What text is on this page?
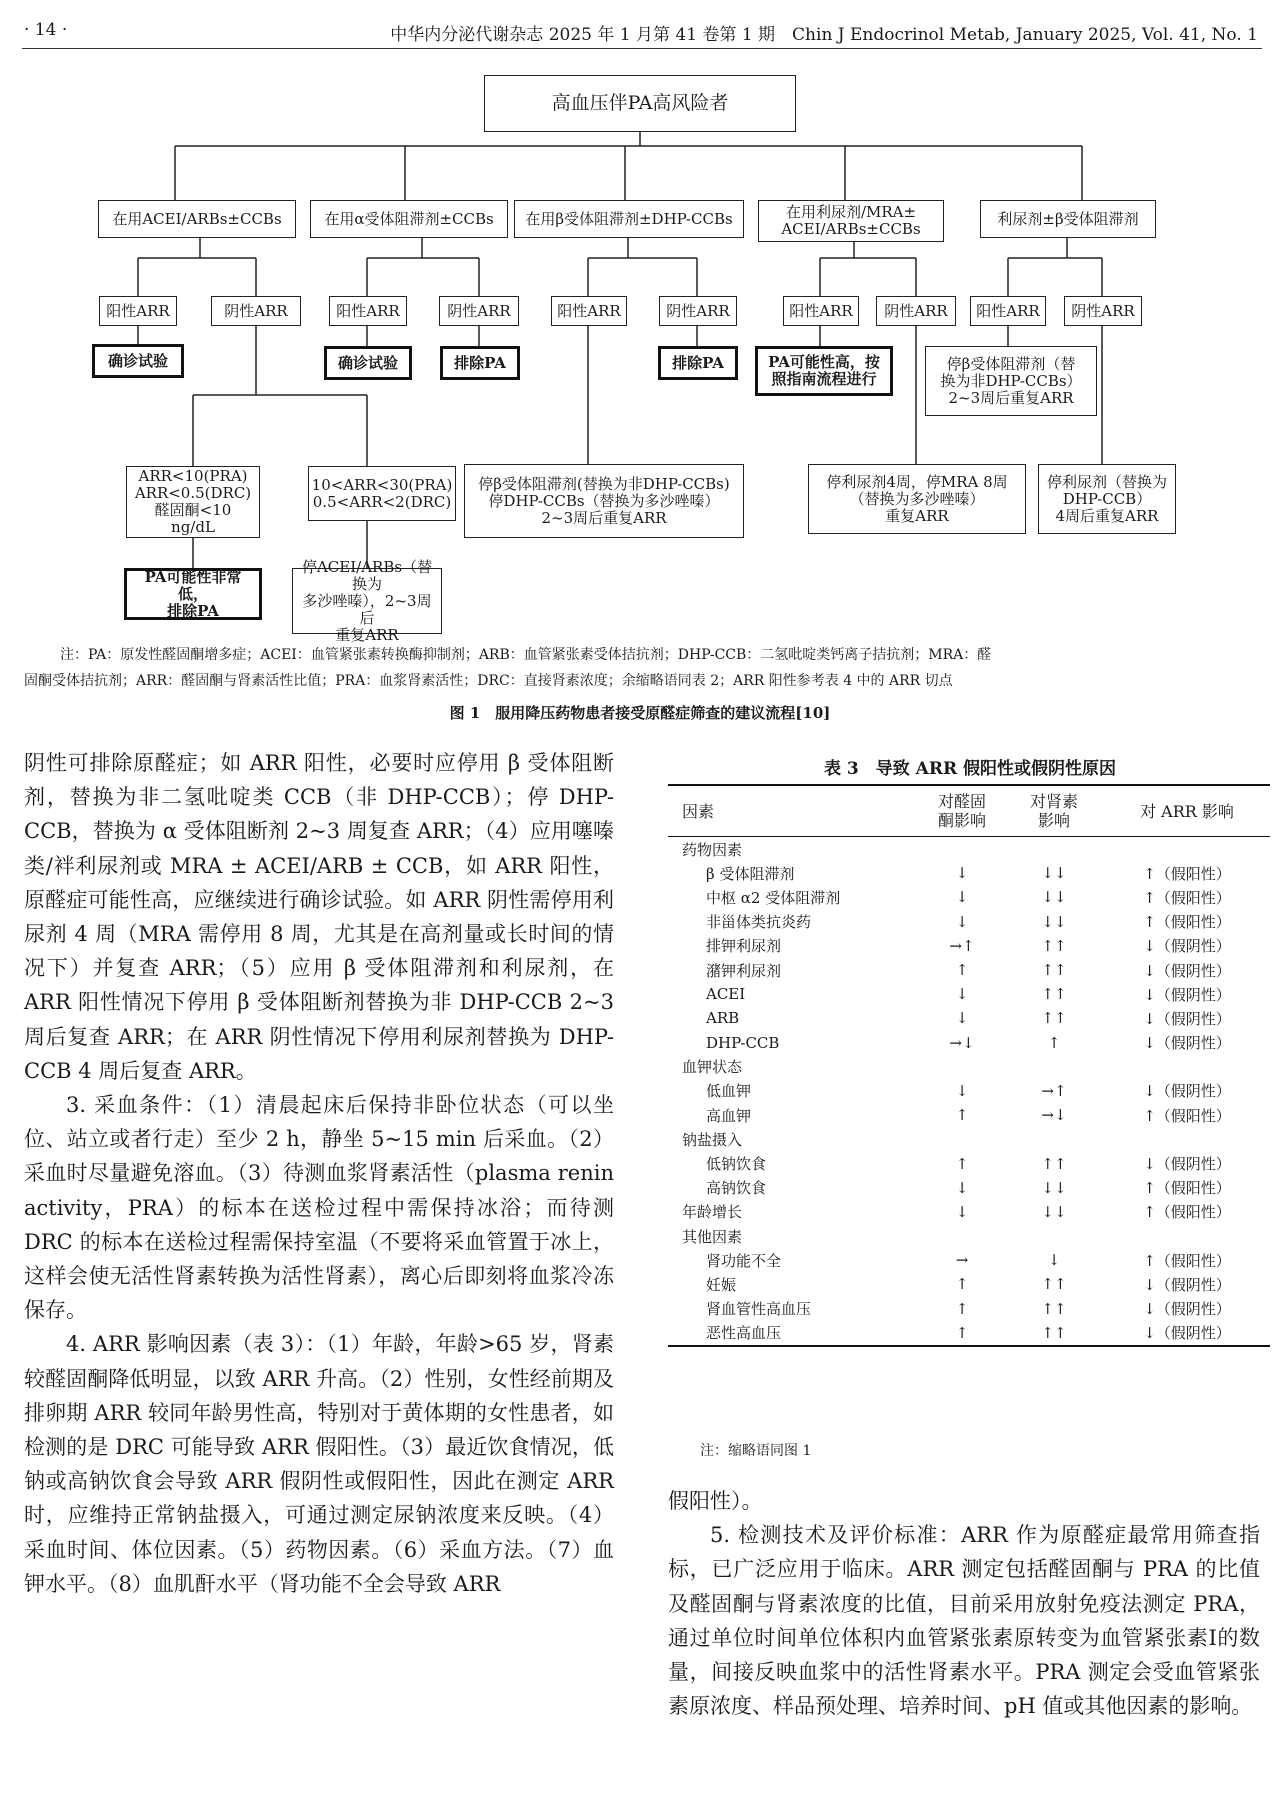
· 14 ·	中华内分泌代谢杂志 2025 年 1 月第 41 卷第 1 期　Chin J Endocrinol Metab, January 2025, Vol. 41, No. 1
高血压伴PA高风险者
在用ACEI/ARBs±CCBs	在用α受体阻滞剂±CCBs 在用β受体阻滞剂±DHP-CCBs	在用利尿剂/MRA±
ACEI/ARBs±CCBs
利尿剂±β受体阻滞剂
阳性ARR	阴性ARR	阳性ARR	阴性ARR	阳性ARR	阴性ARR	阳性ARR 阴性ARR 阳性ARR 阴性ARR
确诊试验	确诊试验	排除PA	排除PA	PA可能性高，按
照指南流程进行
停β受体阻滞剂（替
换为非DHP-CCBs）
2~3周后重复ARR
ARR<10(PRA)
ARR<0.5(DRC)
醛固酮<10 ng/dL
10<ARR<30(PRA)
0.5<ARR<2(DRC)
停β受体阻滞剂(替换为非DHP-CCBs)
停DHP-CCBs（替换为多沙唑嗪）
2~3周后重复ARR
停利尿剂4周，停MRA 8周
（替换为多沙唑嗪）
重复ARR
停利尿剂（替换为
DHP-CCB）
4周后重复ARR
PA可能性非常低，
排除PA
停ACEI/ARBs（替换为
多沙唑嗪），2~3周后
重复ARR
注：PA：原发性醛固酮增多症；ACEI：血管紧张素转换酶抑制剂；ARB：血管紧张素受体拮抗剂；DHP-CCB：二氢吡啶类钙离子拮抗剂；MRA：醛
固酮受体拮抗剂；ARR：醛固酮与肾素活性比值；PRA：血浆肾素活性；DRC：直接肾素浓度；余缩略语同表 2；ARR 阳性参考表 4 中的 ARR 切点
图 1　服用降压药物患者接受原醛症筛查的建议流程[10]

阴性可排除原醛症；如 ARR 阳性，必要时应停用 β 受体阻断剂，替换为非二氢吡啶类 CCB（非 DHP-CCB）；停 DHP-CCB，替换为 α 受体阻断剂 2~3 周复查 ARR；（4）应用噻嗪类/袢利尿剂或 MRA ± ACEI/ARB ± CCB，如 ARR 阳性，原醛症可能性高，应继续进行确诊试验。如 ARR 阴性需停用利尿剂 4 周（MRA 需停用 8 周，尤其是在高剂量或长时间的情况下）并复查 ARR；（5）应用 β 受体阻滞剂和利尿剂，在 ARR 阳性情况下停用 β 受体阻断剂替换为非 DHP-CCB 2~3 周后复查 ARR；在 ARR 阴性情况下停用利尿剂替换为 DHP-CCB 4 周后复查 ARR。

3. 采血条件：（1）清晨起床后保持非卧位状态（可以坐位、站立或者行走）至少 2 h，静坐 5~15 min 后采血。（2）采血时尽量避免溶血。（3）待测血浆肾素活性（plasma renin activity，PRA）的标本在送检过程中需保持冰浴；而待测 DRC 的标本在送检过程需保持室温（不要将采血管置于冰上，这样会使无活性肾素转换为活性肾素），离心后即刻将血浆冷冻保存。

4. ARR 影响因素（表 3）：（1）年龄，年龄>65 岁，肾素较醛固酮降低明显，以致 ARR 升高。（2）性别，女性经前期及排卵期 ARR 较同年龄男性高，特别对于黄体期的女性患者，如检测的是 DRC 可能导致 ARR 假阳性。（3）最近饮食情况，低钠或高钠饮食会导致 ARR 假阴性或假阳性，因此在测定 ARR 时，应维持正常钠盐摄入，可通过测定尿钠浓度来反映。（4）采血时间、体位因素。（5）药物因素。（6）采血方法。（7）血钾水平。（8）血肌酐水平（肾功能不全会导致 ARR

表 3　导致 ARR 假阳性或假阴性原因
因素	对醛固
酮影响	对肾素
影响	对 ARR 影响
药物因素			
β 受体阻滞剂	↓	↓↓	↑（假阳性）
中枢 α2 受体阻滞剂	↓	↓↓	↑（假阳性）
非甾体类抗炎药	↓	↓↓	↑（假阳性）
排钾利尿剂	→↑	↑↑	↓（假阴性）
潴钾利尿剂	↑	↑↑	↓（假阴性）
ACEI	↓	↑↑	↓（假阴性）
ARB	↓	↑↑	↓（假阴性）
DHP-CCB	→↓	↑	↓（假阴性）
血钾状态			
低血钾	↓	→↑	↓（假阴性）
高血钾	↑	→↓	↑（假阳性）
钠盐摄入			
低钠饮食	↑	↑↑	↓（假阴性）
高钠饮食	↓	↓↓	↑（假阳性）
年龄增长	↓	↓↓	↑（假阳性）
其他因素			
肾功能不全	→	↓	↑（假阳性）
妊娠	↑	↑↑	↓（假阴性）
肾血管性高血压	↑	↑↑	↓（假阴性）
恶性高血压	↑	↑↑	↓（假阴性）
注：缩略语同图 1

假阳性）。

5. 检测技术及评价标准：ARR 作为原醛症最常用筛查指标，已广泛应用于临床。ARR 测定包括醛固酮与 PRA 的比值及醛固酮与肾素浓度的比值，目前采用放射免疫法测定 PRA，通过单位时间单位体积内血管紧张素原转变为血管紧张素Ⅰ的数量，间接反映血浆中的活性肾素水平。PRA 测定会受血管紧张素原浓度、样品预处理、培养时间、pH 值或其他因素的影响。
